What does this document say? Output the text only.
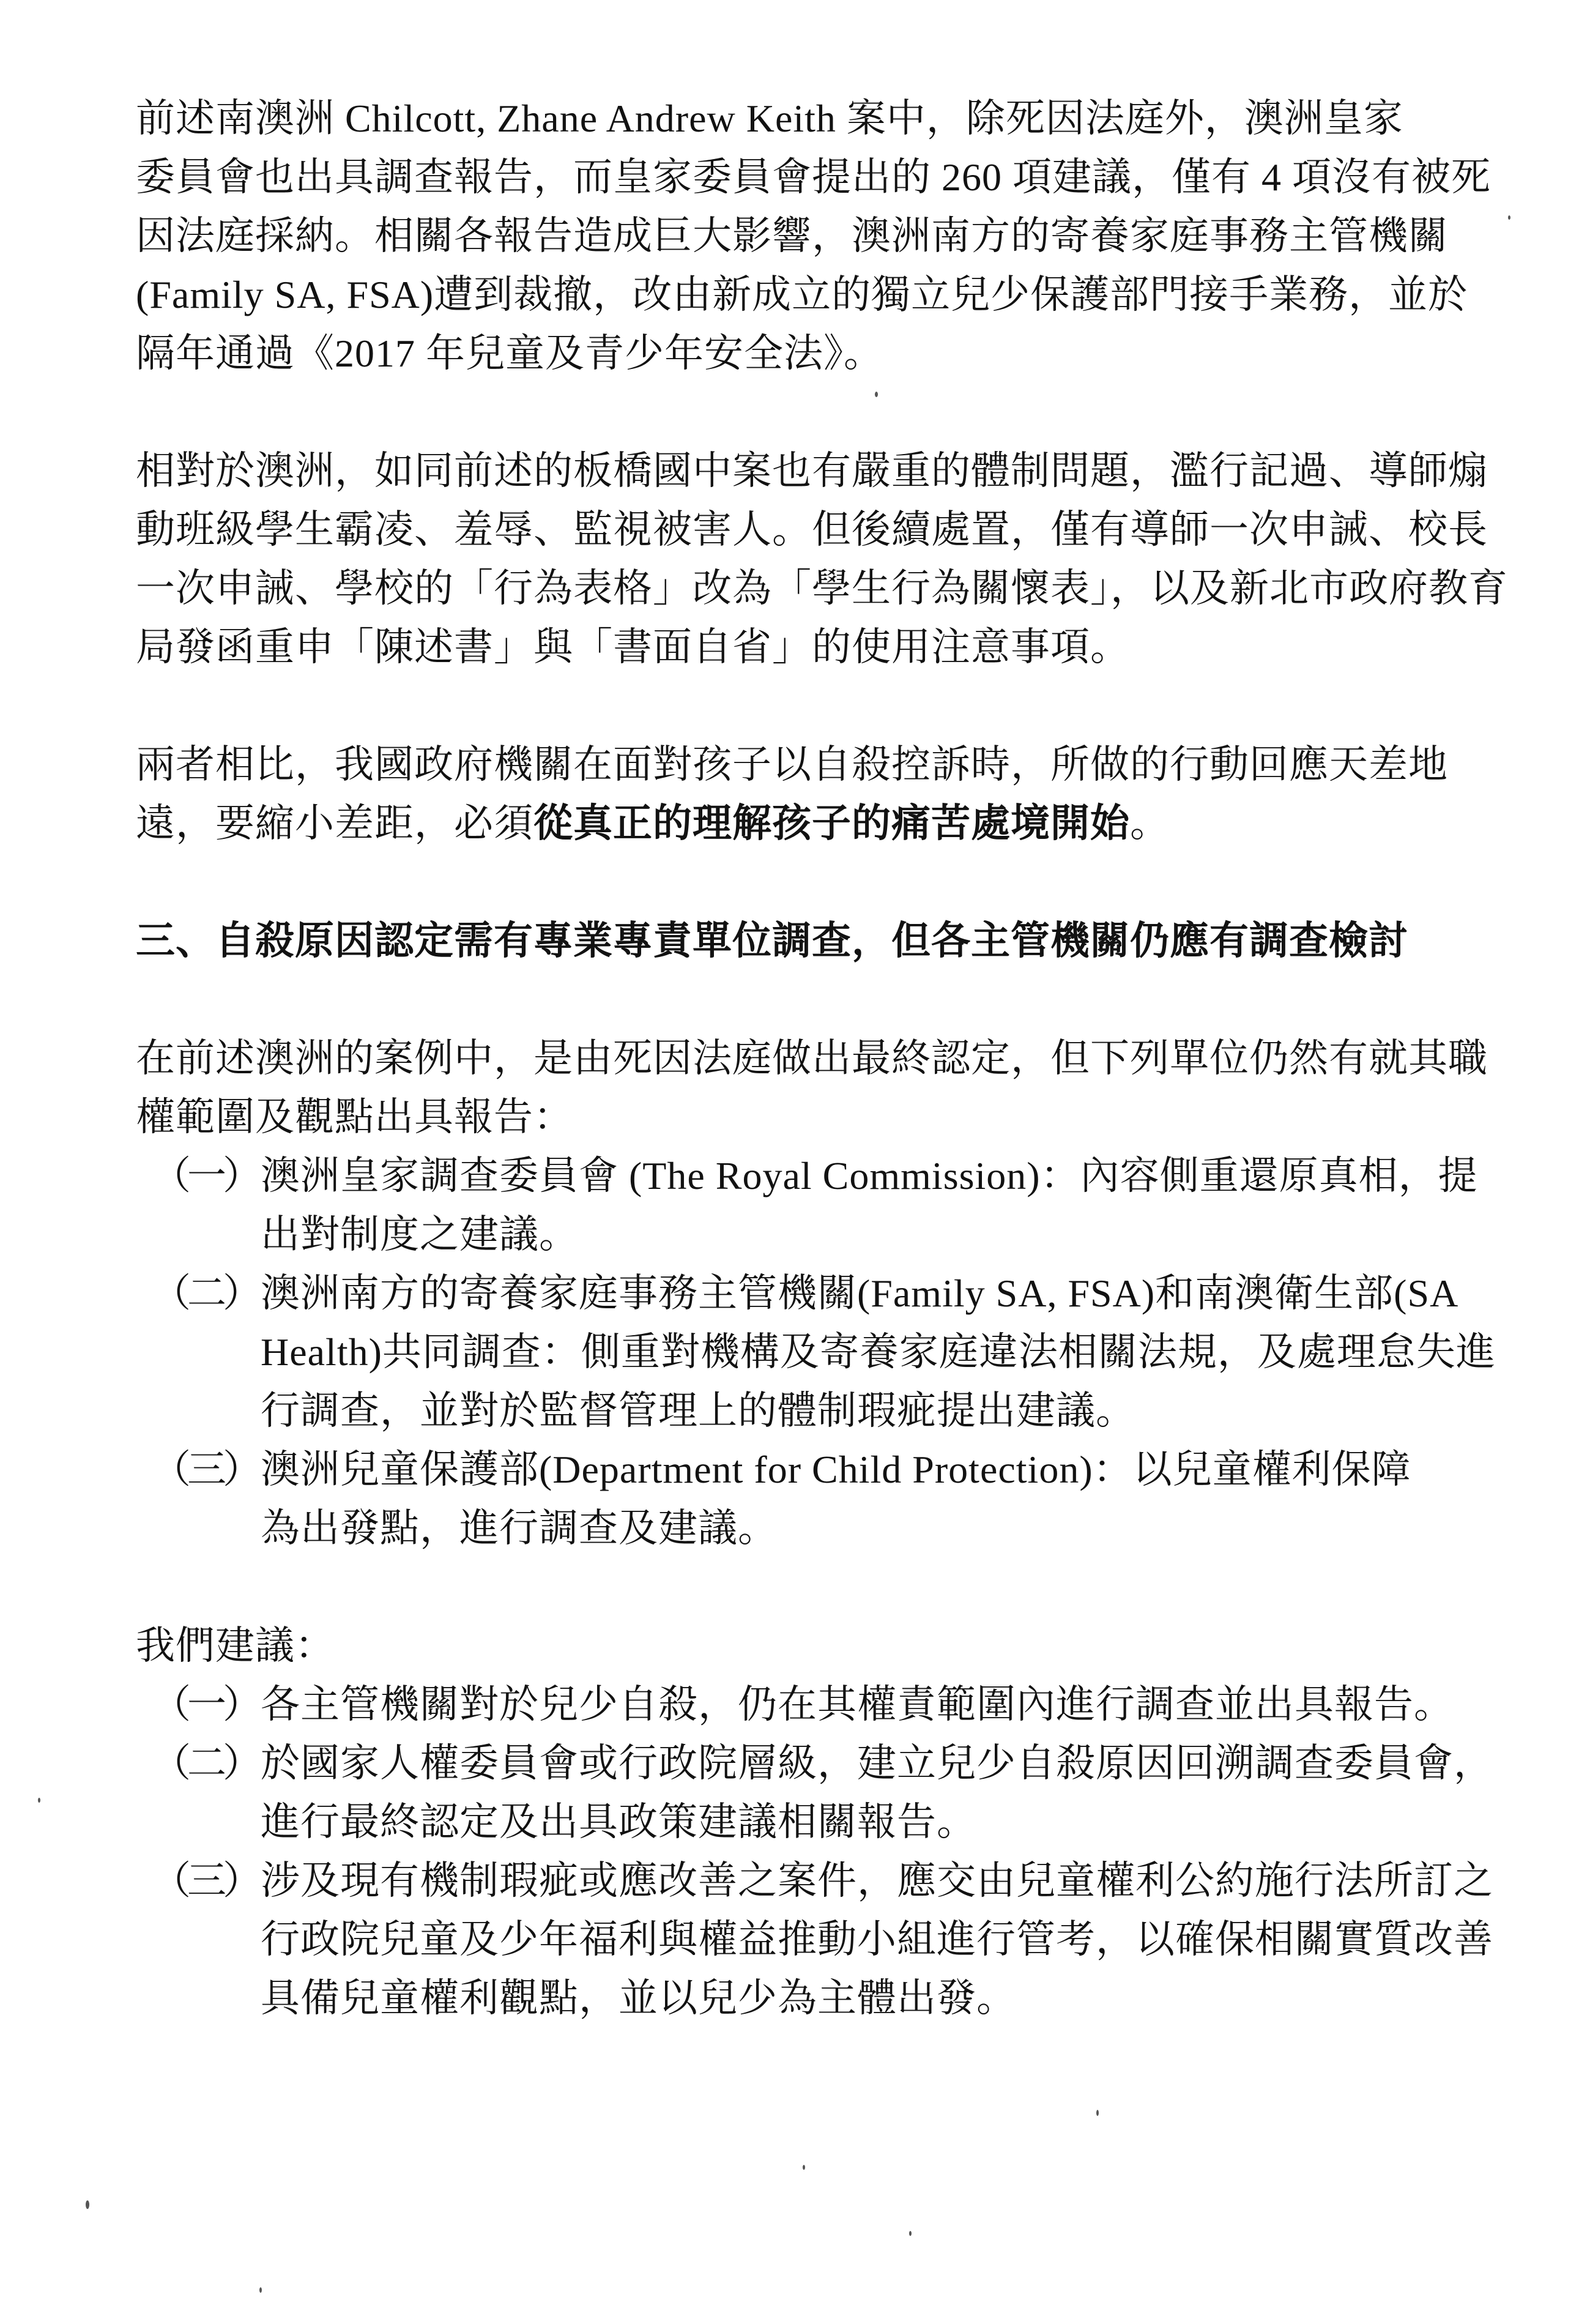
前述南澳洲 Chilcott, Zhane Andrew Keith 案中，除死因法庭外，澳洲皇家
委員會也出具調查報告，而皇家委員會提出的 260 項建議，僅有 4 項沒有被死
因法庭採納。相關各報告造成巨大影響，澳洲南方的寄養家庭事務主管機關
(Family SA, FSA)遭到裁撤，改由新成立的獨立兒少保護部門接手業務，並於
隔年通過《2017 年兒童及青少年安全法》。
相對於澳洲，如同前述的板橋國中案也有嚴重的體制問題，濫行記過、導師煽
動班級學生霸凌、羞辱、監視被害人。但後續處置，僅有導師一次申誡、校長
一次申誡、學校的「行為表格」改為「學生行為關懷表」，以及新北市政府教育
局發函重申「陳述書」與「書面自省」的使用注意事項。
兩者相比，我國政府機關在面對孩子以自殺控訴時，所做的行動回應天差地
遠，要縮小差距，必須從真正的理解孩子的痛苦處境開始。
三、自殺原因認定需有專業專責單位調查，但各主管機關仍應有調查檢討
在前述澳洲的案例中，是由死因法庭做出最終認定，但下列單位仍然有就其職
權範圍及觀點出具報告：
（一） 澳洲皇家調查委員會 (The Royal Commission)：內容側重還原真相，提
出對制度之建議。
（二） 澳洲南方的寄養家庭事務主管機關(Family SA, FSA)和南澳衛生部(SA
Health)共同調查：側重對機構及寄養家庭違法相關法規，及處理怠失進
行調查，並對於監督管理上的體制瑕疵提出建議。
（三） 澳洲兒童保護部(Department for Child Protection)：以兒童權利保障
為出發點，進行調查及建議。
我們建議：
（一） 各主管機關對於兒少自殺，仍在其權責範圍內進行調查並出具報告。
（二） 於國家人權委員會或行政院層級，建立兒少自殺原因回溯調查委員會，
進行最終認定及出具政策建議相關報告。
（三） 涉及現有機制瑕疵或應改善之案件，應交由兒童權利公約施行法所訂之
行政院兒童及少年福利與權益推動小組進行管考，以確保相關實質改善
具備兒童權利觀點，並以兒少為主體出發。
